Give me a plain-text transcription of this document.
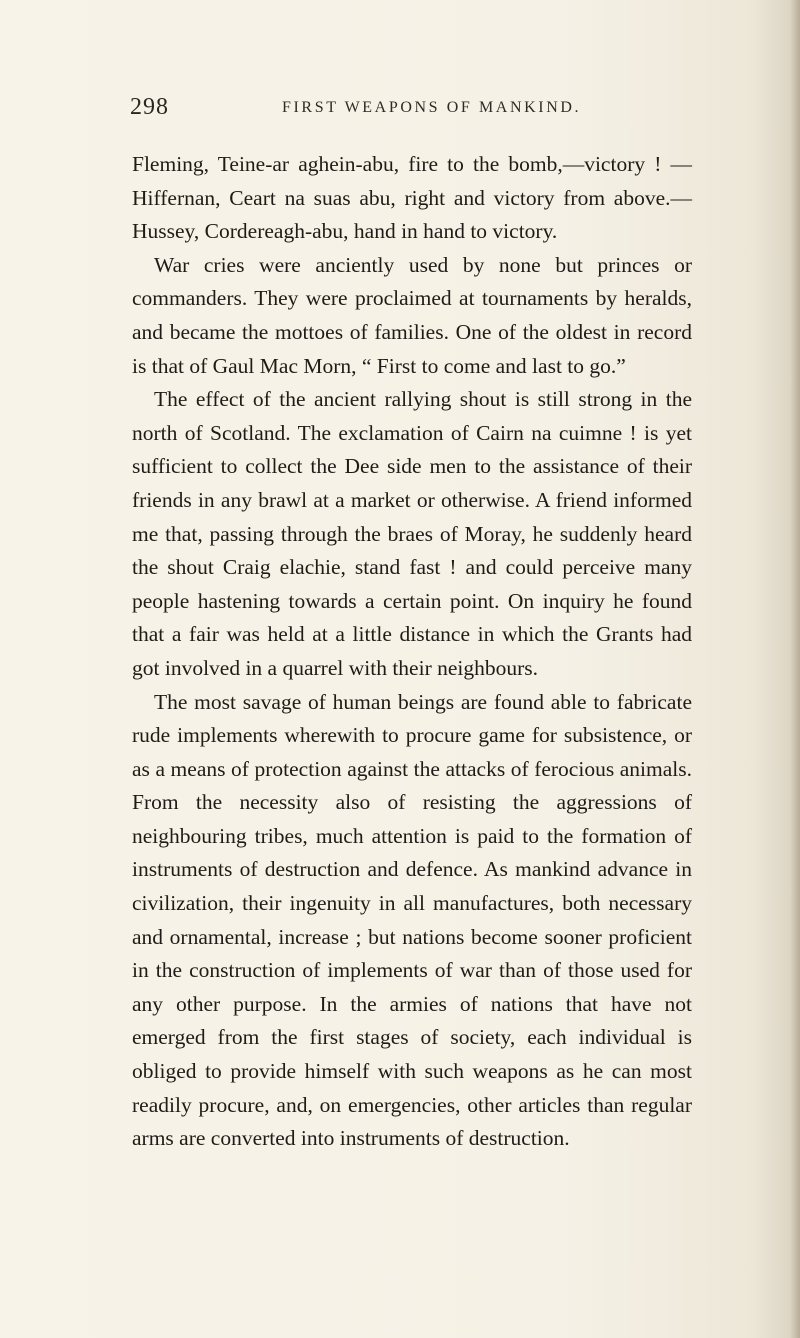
298	FIRST WEAPONS OF MANKIND.

Fleming, Teine-ar aghein-abu, fire to the bomb,—victory ! —Hiffernan, Ceart na suas abu, right and victory from above.—Hussey, Cordereagh-abu, hand in hand to victory.

War cries were anciently used by none but princes or commanders. They were proclaimed at tournaments by heralds, and became the mottoes of families. One of the oldest in record is that of Gaul Mac Morn, “ First to come and last to go.”

The effect of the ancient rallying shout is still strong in the north of Scotland. The exclamation of Cairn na cuimne ! is yet sufficient to collect the Dee side men to the assistance of their friends in any brawl at a market or otherwise. A friend informed me that, passing through the braes of Moray, he suddenly heard the shout Craig elachie, stand fast ! and could perceive many people hastening towards a certain point. On inquiry he found that a fair was held at a little distance in which the Grants had got involved in a quarrel with their neighbours.

The most savage of human beings are found able to fabricate rude implements wherewith to procure game for subsistence, or as a means of protection against the attacks of ferocious animals. From the necessity also of resisting the aggressions of neighbouring tribes, much attention is paid to the formation of instruments of destruction and defence. As mankind advance in civilization, their ingenuity in all manufactures, both necessary and ornamental, increase ; but nations become sooner proficient in the construction of implements of war than of those used for any other purpose. In the armies of nations that have not emerged from the first stages of society, each individual is obliged to provide himself with such weapons as he can most readily procure, and, on emergencies, other articles than regular arms are converted into instruments of destruction.
